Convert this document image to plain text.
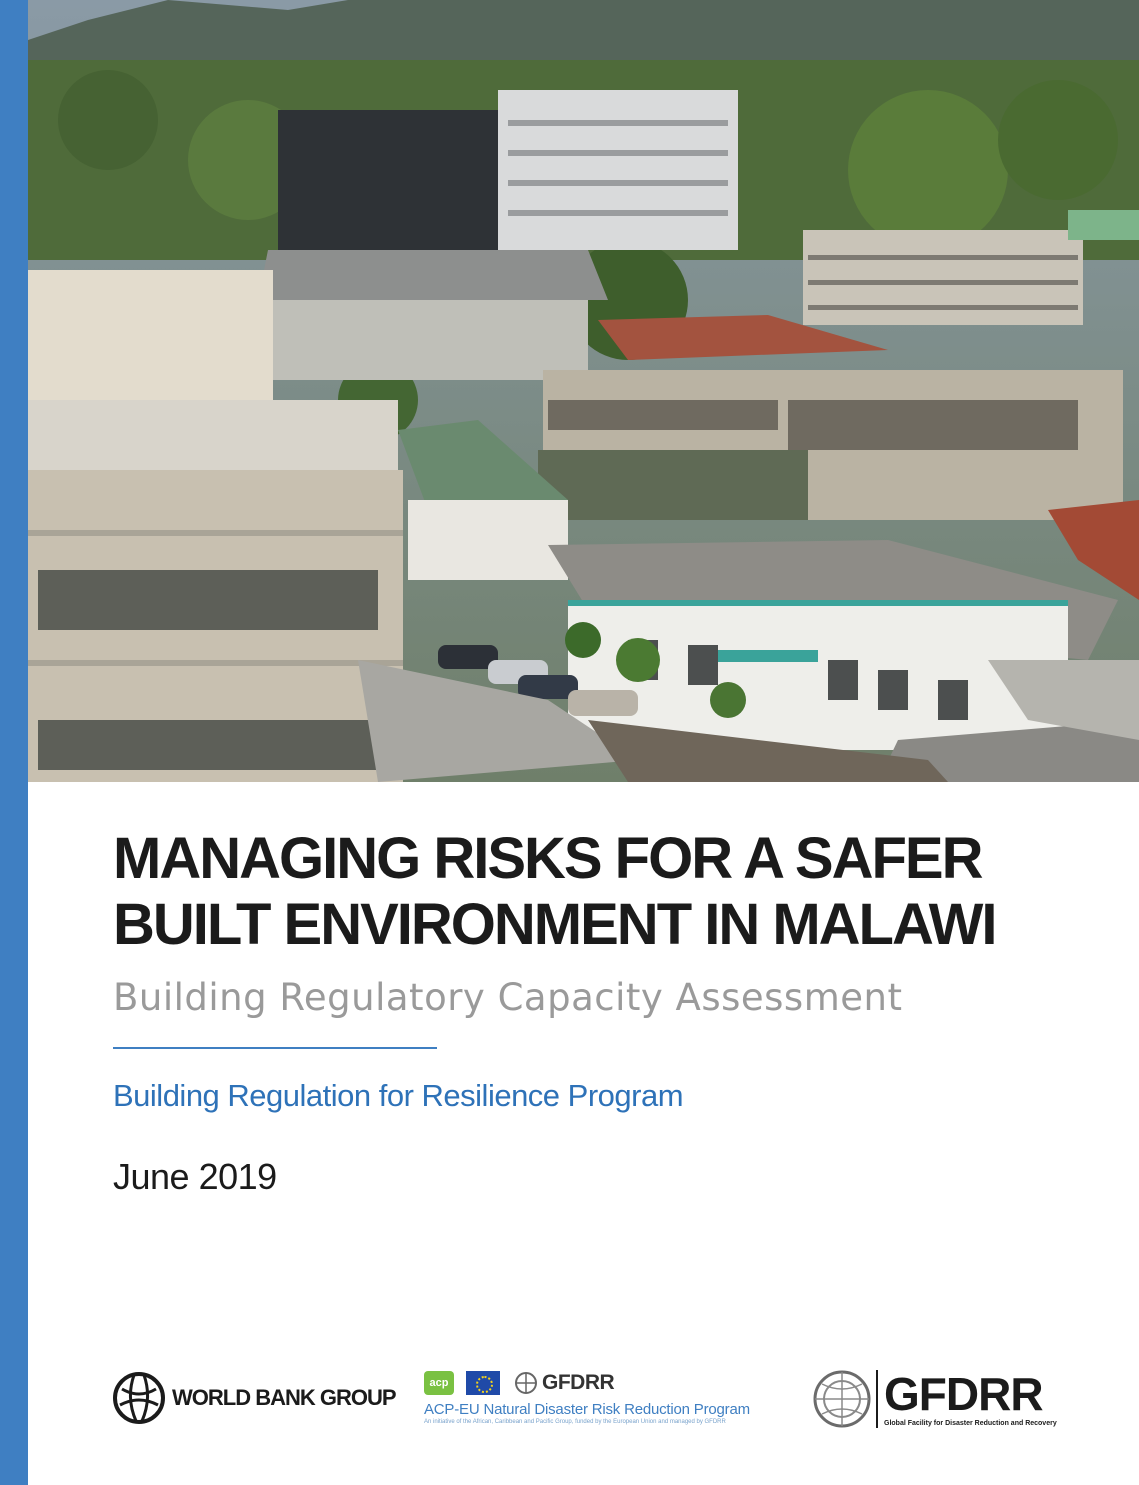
MANAGING RISKS FOR A SAFER
BUILT ENVIRONMENT IN MALAWI
Building Regulatory Capacity Assessment
Building Regulation for Resilience Program
June 2019
WORLD BANK GROUP
acp	GFDRR
ACP-EU Natural Disaster Risk Reduction Program
An initiative of the African, Caribbean and Pacific Group, funded by the European Union and managed by GFDRR
GFDRR
Global Facility for Disaster Reduction and Recovery
